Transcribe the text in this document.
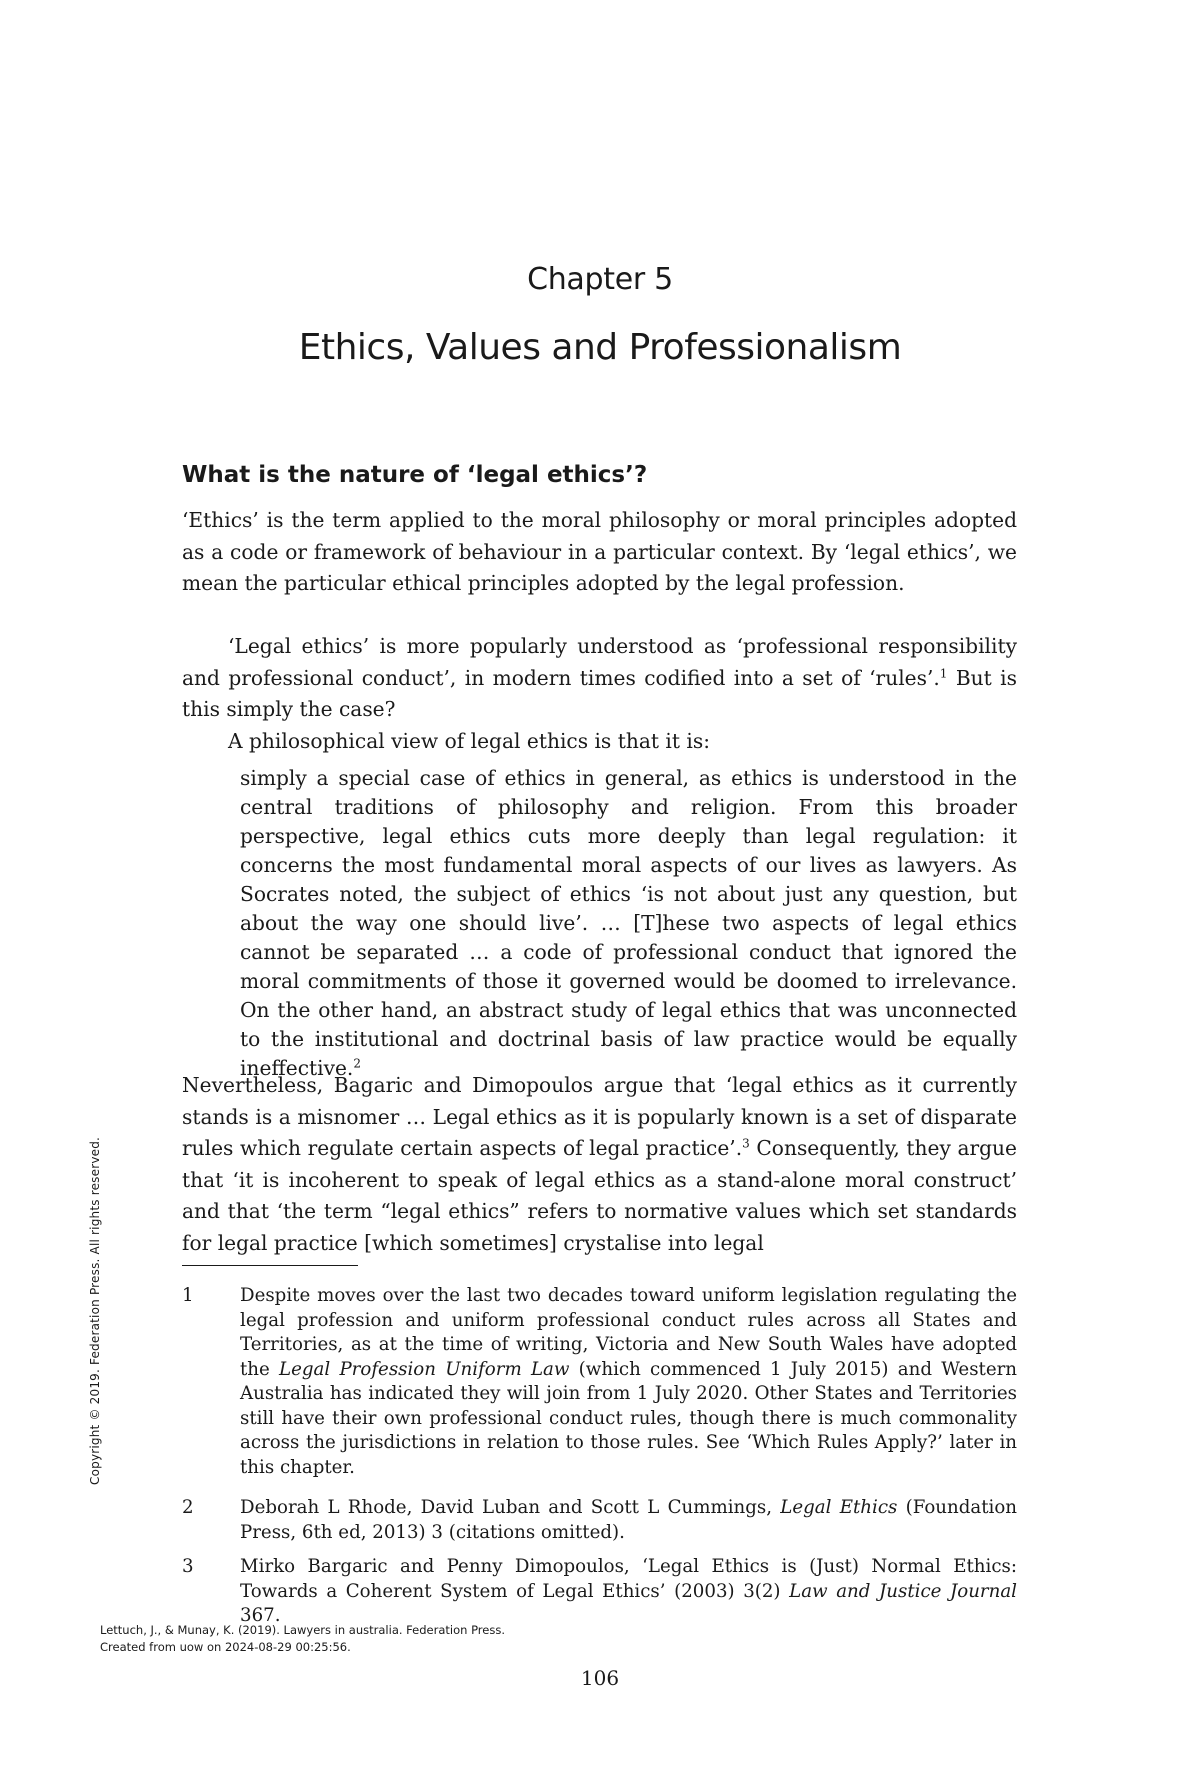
Chapter 5
Ethics, Values and Professionalism
What is the nature of ‘legal ethics’?

‘Ethics’ is the term applied to the moral philosophy or moral principles adopted as a code or framework of behaviour in a particular context. By ‘legal ethics’, we mean the particular ethical principles adopted by the legal profession.

‘Legal ethics’ is more popularly understood as ‘professional responsibility and professional conduct’, in modern times codified into a set of ‘rules’.$^1$ But is this simply the case?

A philosophical view of legal ethics is that it is:

simply a special case of ethics in general, as ethics is understood in the central traditions of philosophy and religion. From this broader perspective, legal ethics cuts more deeply than legal regulation: it concerns the most fundamental moral aspects of our lives as lawyers. As Socrates noted, the subject of ethics ‘is not about just any question, but about the way one should live’. … [T]hese two aspects of legal ethics cannot be separated … a code of professional conduct that ignored the moral commitments of those it governed would be doomed to irrelevance. On the other hand, an abstract study of legal ethics that was unconnected to the institutional and doctrinal basis of law practice would be equally ineffective.$^2$

Nevertheless, Bagaric and Dimopoulos argue that ‘legal ethics as it currently stands is a misnomer … Legal ethics as it is popularly known is a set of disparate rules which regulate certain aspects of legal practice’.$^3$ Consequently, they argue that ‘it is incoherent to speak of legal ethics as a stand-alone moral construct’ and that ‘the term “legal ethics” refers to normative values which set standards for legal practice [which sometimes] crystalise into legal

1	Despite moves over the last two decades toward uniform legislation regulating the legal profession and uniform professional conduct rules across all States and Territories, as at the time of writing, Victoria and New South Wales have adopted the Legal Profession Uniform Law (which commenced 1 July 2015) and Western Australia has indicated they will join from 1 July 2020. Other States and Territories still have their own professional conduct rules, though there is much commonality across the jurisdictions in relation to those rules. See ‘Which Rules Apply?’ later in this chapter.
2	Deborah L Rhode, David Luban and Scott L Cummings, Legal Ethics (Foundation Press, 6th ed, 2013) 3 (citations omitted).
3	Mirko Bargaric and Penny Dimopoulos, ‘Legal Ethics is (Just) Normal Ethics: Towards a Coherent System of Legal Ethics’ (2003) 3(2) Law and Justice Journal 367.
Copyright © 2019. Federation Press. All rights reserved.
Lettuch, J., & Munay, K. (2019). Lawyers in australia. Federation Press.
Created from uow on 2024-08-29 00:25:56.
106
